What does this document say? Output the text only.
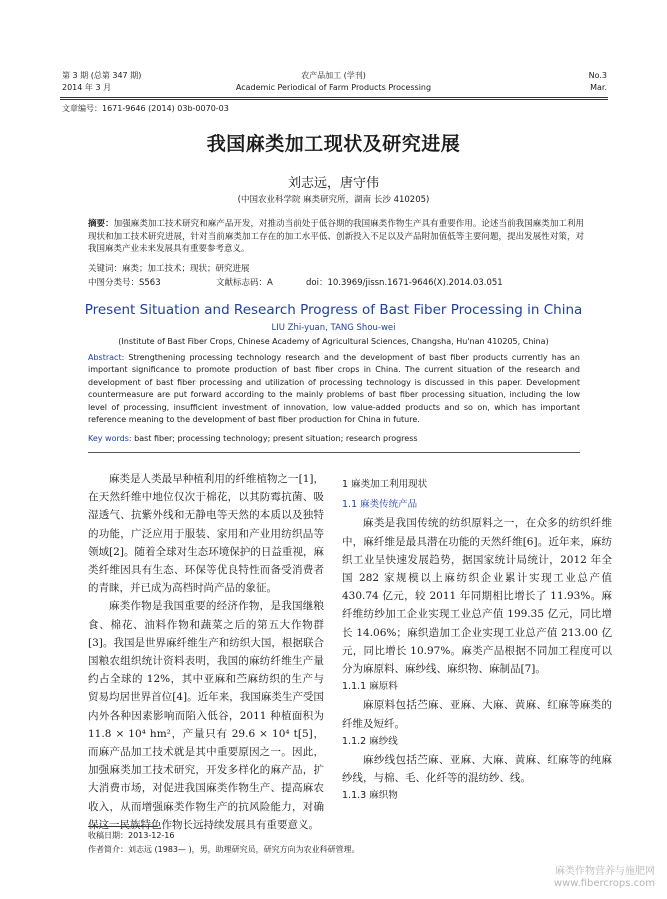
第 3 期 (总第 347 期)
2014 年 3 月
农产品加工 (学刊)
Academic Periodical of Farm Products Processing
No.3
Mar.
文章编号：1671-9646 (2014) 03b-0070-03
我国麻类加工现状及研究进展
刘志远，唐守伟
(中国农业科学院 麻类研究所，湖南 长沙 410205)
摘要：加强麻类加工技术研究和麻产品开发，对推动当前处于低谷期的我国麻类作物生产具有重要作用。论述当前我国麻类加工利用现状和加工技术研究进展，针对当前麻类加工存在的加工水平低、创新投入不足以及产品附加值低等主要问题，提出发展性对策，对我国麻类产业未来发展具有重要参考意义。
关键词：麻类；加工技术；现状；研究进展
中图分类号：S563	文献标志码：A	doi：10.3969/jissn.1671-9646(X).2014.03.051
Present Situation and Research Progress of Bast Fiber Processing in China
LIU Zhi-yuan, TANG Shou-wei
(Institute of Bast Fiber Crops, Chinese Academy of Agricultural Sciences, Changsha, Hu'nan 410205, China)
Abstract: Strengthening processing technology research and the development of bast fiber products currently has an important significance to promote production of bast fiber crops in China. The current situation of the research and development of bast fiber processing and utilization of processing technology is discussed in this paper. Development countermeasure are put forward according to the mainly problems of bast fiber processing situation, including the low level of processing, insufficient investment of innovation, low value-added products and so on, which has important reference meaning to the development of bast fiber production for China in future.
Key words: bast fiber; processing technology; present situation; research progress

麻类是人类最早种植利用的纤维植物之一[1]，在天然纤维中地位仅次于棉花，以其防霉抗菌、吸湿透气、抗紫外线和无静电等天然的本质以及独特的功能，广泛应用于服装、家用和产业用纺织品等领域[2]。随着全球对生态环境保护的日益重视，麻类纤维因具有生态、环保等优良特性而备受消费者的青睐，并已成为高档时尚产品的象征。

麻类作物是我国重要的经济作物，是我国继粮食、棉花、油料作物和蔬菜之后的第五大作物群[3]。我国是世界麻纤维生产和纺织大国，根据联合国粮农组织统计资料表明，我国的麻纺纤维生产量约占全球的 12%，其中亚麻和苎麻纺织的生产与贸易均居世界首位[4]。近年来，我国麻类生产受国内外各种因素影响而陷入低谷，2011 种植面积为 11.8 × 10⁴ hm²，产量只有 29.6 × 10⁴ t[5]，而麻产品加工技术就是其中重要原因之一。因此，加强麻类加工技术研究，开发多样化的麻产品，扩大消费市场，对促进我国麻类作物生产、提高麻农收入，从而增强麻类作物生产的抗风险能力，对确保这一民族特色作物长远持续发展具有重要意义。

1 麻类加工利用现状
1.1 麻类传统产品

麻类是我国传统的纺织原料之一，在众多的纺织纤维中，麻纤维是最具潜在功能的天然纤维[6]。近年来，麻纺织工业呈快速发展趋势，据国家统计局统计，2012 年全国 282 家规模以上麻纺织企业累计实现工业总产值 430.74 亿元，较 2011 年同期相比增长了 11.93%。麻纤维纺纱加工企业实现工业总产值 199.35 亿元，同比增长 14.06%；麻织造加工企业实现工业总产值 213.00 亿元，同比增长 10.97%。麻类产品根据不同加工程度可以分为麻原料、麻纱线、麻织物、麻制品[7]。

1.1.1 麻原料

麻原料包括苎麻、亚麻、大麻、黄麻、红麻等麻类的纤维及短纤。

1.1.2 麻纱线

麻纱线包括苎麻、亚麻、大麻、黄麻、红麻等的纯麻纱线，与棉、毛、化纤等的混纺纱、线。

1.1.3 麻织物
收稿日期：2013-12-16
作者简介：刘志远 (1983— )，男，助理研究员，研究方向为农业科研管理。
麻类作物营养与施肥网
www.fibercrops.com
